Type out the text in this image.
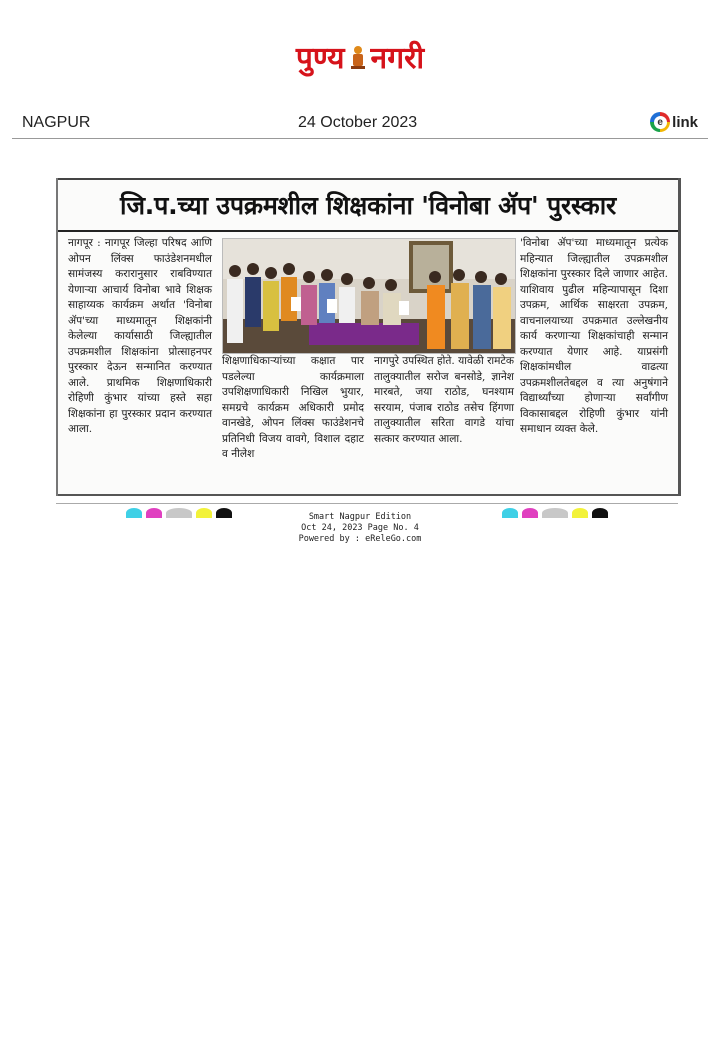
पुण्य नगरी
NAGPUR	24 October 2023	e link
जि.प.च्या उपक्रमशील शिक्षकांना 'विनोबा ॲप' पुरस्कार
नागपूर : नागपूर जिल्हा परिषद आणि ओपन लिंक्स फाउंडेशनमधील सामंजस्य करारानुसार राबविण्यात येणाऱ्या आचार्य विनोबा भावे शिक्षक साहाय्यक कार्यक्रम अर्थात 'विनोबा ॲप'च्या माध्यमातून शिक्षकांनी केलेल्या कार्यासाठी जिल्ह्यातील उपक्रमशील शिक्षकांना प्रोत्साहनपर पुरस्कार देऊन सन्मानित करण्यात आले. प्राथमिक शिक्षणाधिकारी रोहिणी कुंभार यांच्या हस्ते सहा शिक्षकांना हा पुरस्कार प्रदान करण्यात आला.
शिक्षणाधिकाऱ्यांच्या कक्षात पार पडलेल्या कार्यक्रमाला उपशिक्षणाधिकारी निखिल भुयार, समग्रचे कार्यक्रम अधिकारी प्रमोद वानखेडे, ओपन लिंक्स फाउंडेशनचे प्रतिनिधी विजय वावगे, विशाल दहाट व नीलेश
नागपुरे उपस्थित होते. यावेळी रामटेक तालुक्यातील सरोज बनसोडे, ज्ञानेश मारबते, जया राठोड, घनश्याम सरयाम, पंजाब राठोड तसेच हिंगणा तालुक्यातील सरिता वागडे यांचा सत्कार करण्यात आला.
'विनोबा ॲप'च्या माध्यमातून प्रत्येक महिन्यात जिल्ह्यातील उपक्रमशील शिक्षकांना पुरस्कार दिले जाणार आहेत. याशिवाय पुढील महिन्यापासून दिशा उपक्रम, आर्थिक साक्षरता उपक्रम, वाचनालयाच्या उपक्रमात उल्लेखनीय कार्य करणाऱ्या शिक्षकांचाही सन्मान करण्यात येणार आहे. याप्रसंगी शिक्षकांमधील वाढत्या उपक्रमशीलतेबद्दल व त्या अनुषंगाने विद्यार्थ्यांच्या होणाऱ्या सर्वांगीण विकासाबद्दल रोहिणी कुंभार यांनी समाधान व्यक्त केले.
Smart Nagpur Edition
Oct 24, 2023 Page No. 4
Powered by : eReleGo.com
